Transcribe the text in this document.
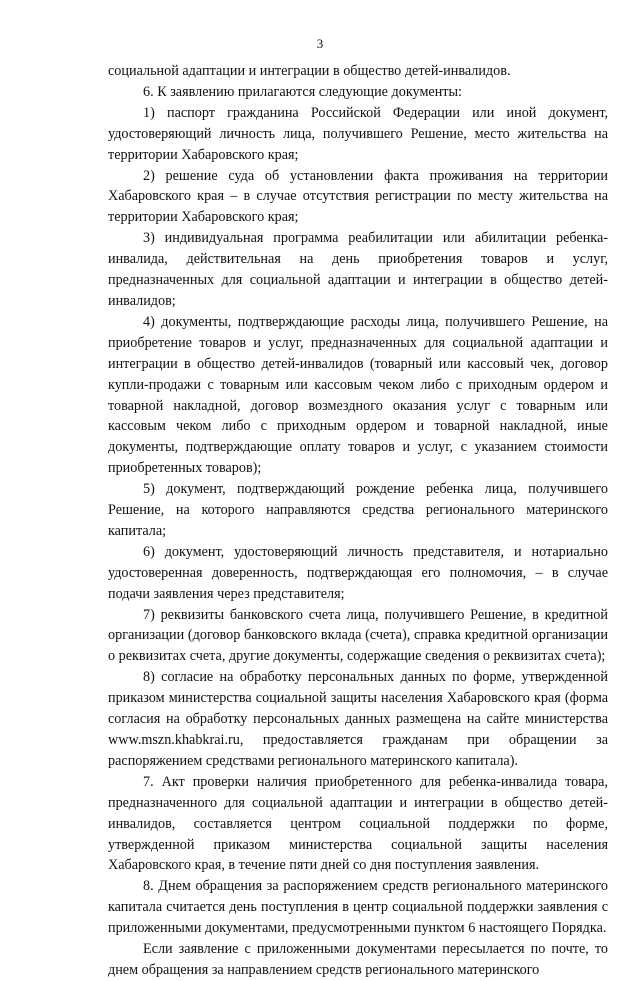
3

социальной адаптации и интеграции в общество детей-инвалидов.

6. К заявлению прилагаются следующие документы:

1) паспорт гражданина Российской Федерации или иной документ, удостоверяющий личность лица, получившего Решение, место жительства на территории Хабаровского края;

2) решение суда об установлении факта проживания на территории Хабаровского края – в случае отсутствия регистрации по месту жительства на территории Хабаровского края;

3) индивидуальная программа реабилитации или абилитации ребенка-инвалида, действительная на день приобретения товаров и услуг, предназначенных для социальной адаптации и интеграции в общество детей-инвалидов;

4) документы, подтверждающие расходы лица, получившего Решение, на приобретение товаров и услуг, предназначенных для социальной адаптации и интеграции в общество детей-инвалидов (товарный или кассовый чек, договор купли-продажи с товарным или кассовым чеком либо с приходным ордером и товарной накладной, договор возмездного оказания услуг с товарным или кассовым чеком либо с приходным ордером и товарной накладной, иные документы, подтверждающие оплату товаров и услуг, с указанием стоимости приобретенных товаров);

5) документ, подтверждающий рождение ребенка лица, получившего Решение, на которого направляются средства регионального материнского капитала;

6) документ, удостоверяющий личность представителя, и нотариально удостоверенная доверенность, подтверждающая его полномочия, – в случае подачи заявления через представителя;

7) реквизиты банковского счета лица, получившего Решение, в кредитной организации (договор банковского вклада (счета), справка кредитной организации о реквизитах счета, другие документы, содержащие сведения о реквизитах счета);

8) согласие на обработку персональных данных по форме, утвержденной приказом министерства социальной защиты населения Хабаровского края (форма согласия на обработку персональных данных размещена на сайте министерства www.mszn.khabkrai.ru, предоставляется гражданам при обращении за распоряжением средствами регионального материнского капитала).

7. Акт проверки наличия приобретенного для ребенка-инвалида товара, предназначенного для социальной адаптации и интеграции в общество детей-инвалидов, составляется центром социальной поддержки по форме, утвержденной приказом министерства социальной защиты населения Хабаровского края, в течение пяти дней со дня поступления заявления.

8. Днем обращения за распоряжением средств регионального материнского капитала считается день поступления в центр социальной поддержки заявления с приложенными документами, предусмотренными пунктом 6 настоящего Порядка.

Если заявление с приложенными документами пересылается по почте, то днем обращения за направлением средств регионального материнского
